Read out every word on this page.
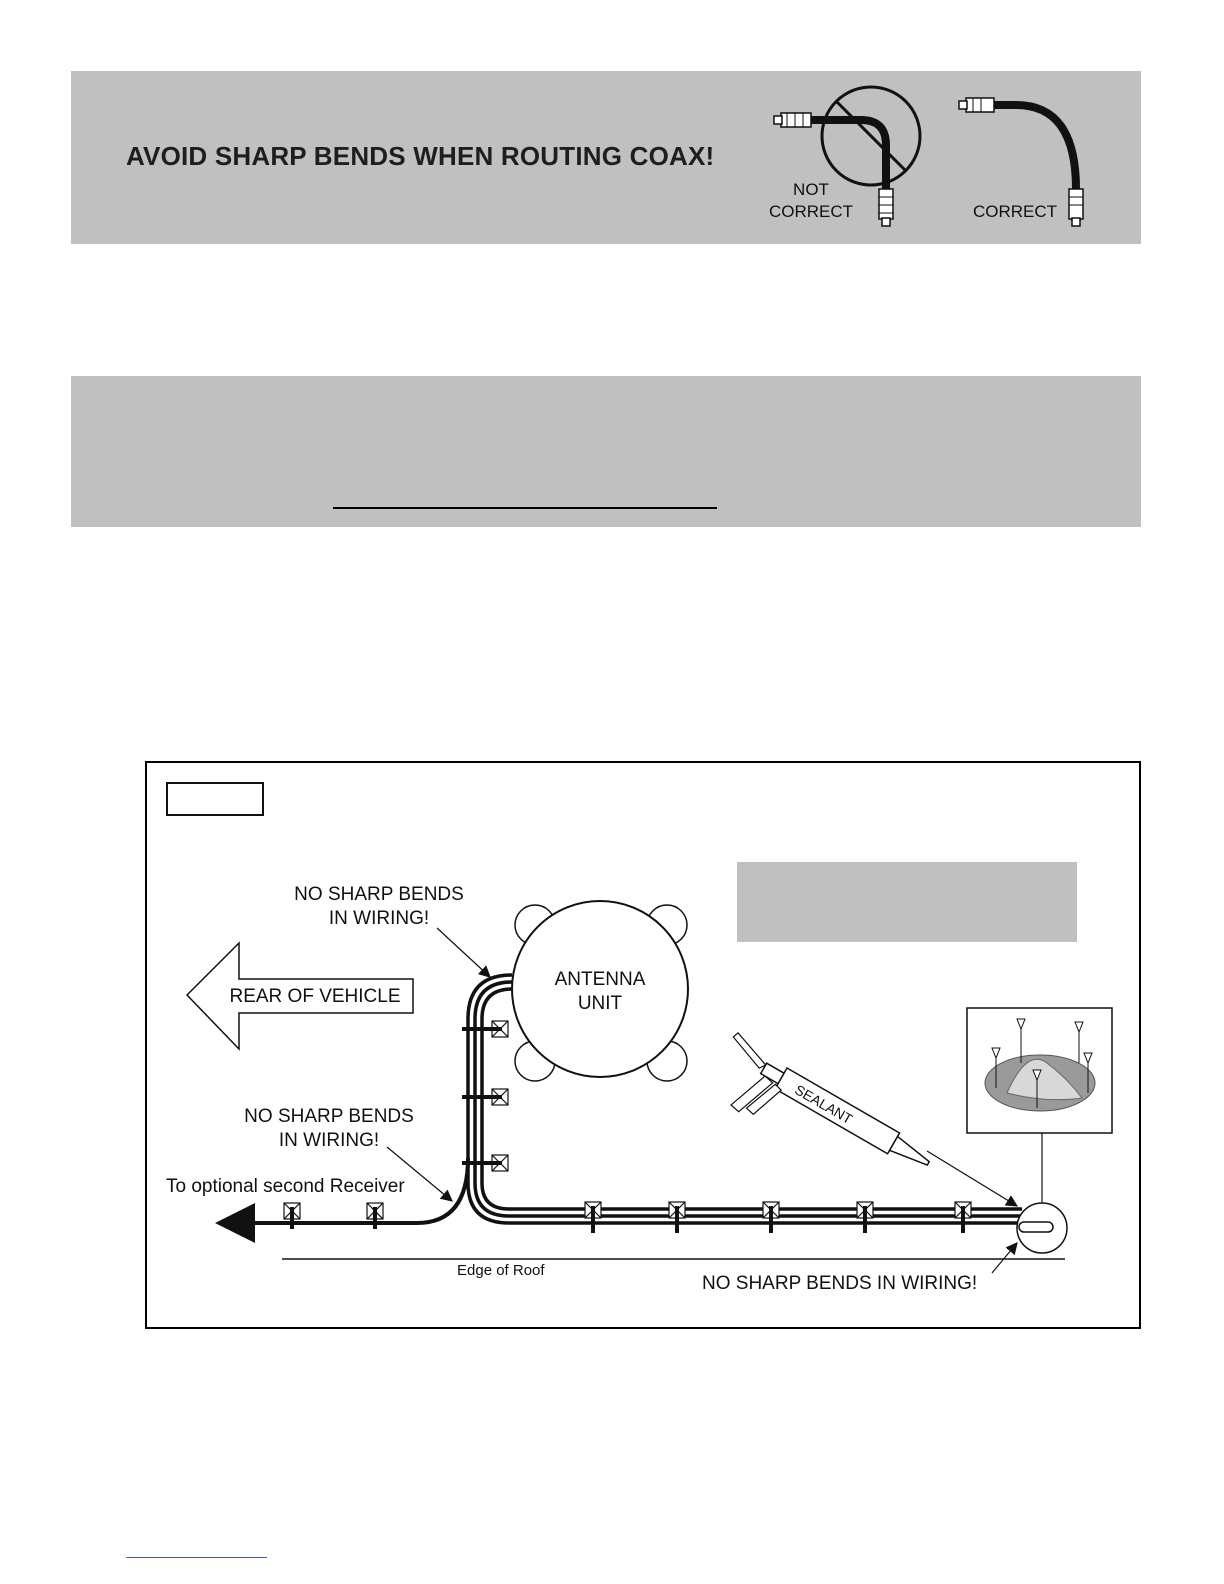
AVOID SHARP BENDS WHEN ROUTING COAX!
NOT
CORRECT	CORRECT
Edge of Roof
REAR OF VEHICLE
ANTENNA
UNIT
SEALANT
NO SHARP BENDS
IN WIRING!
NO SHARP BENDS
IN WIRING!
To optional second Receiver
NO SHARP BENDS IN WIRING!
